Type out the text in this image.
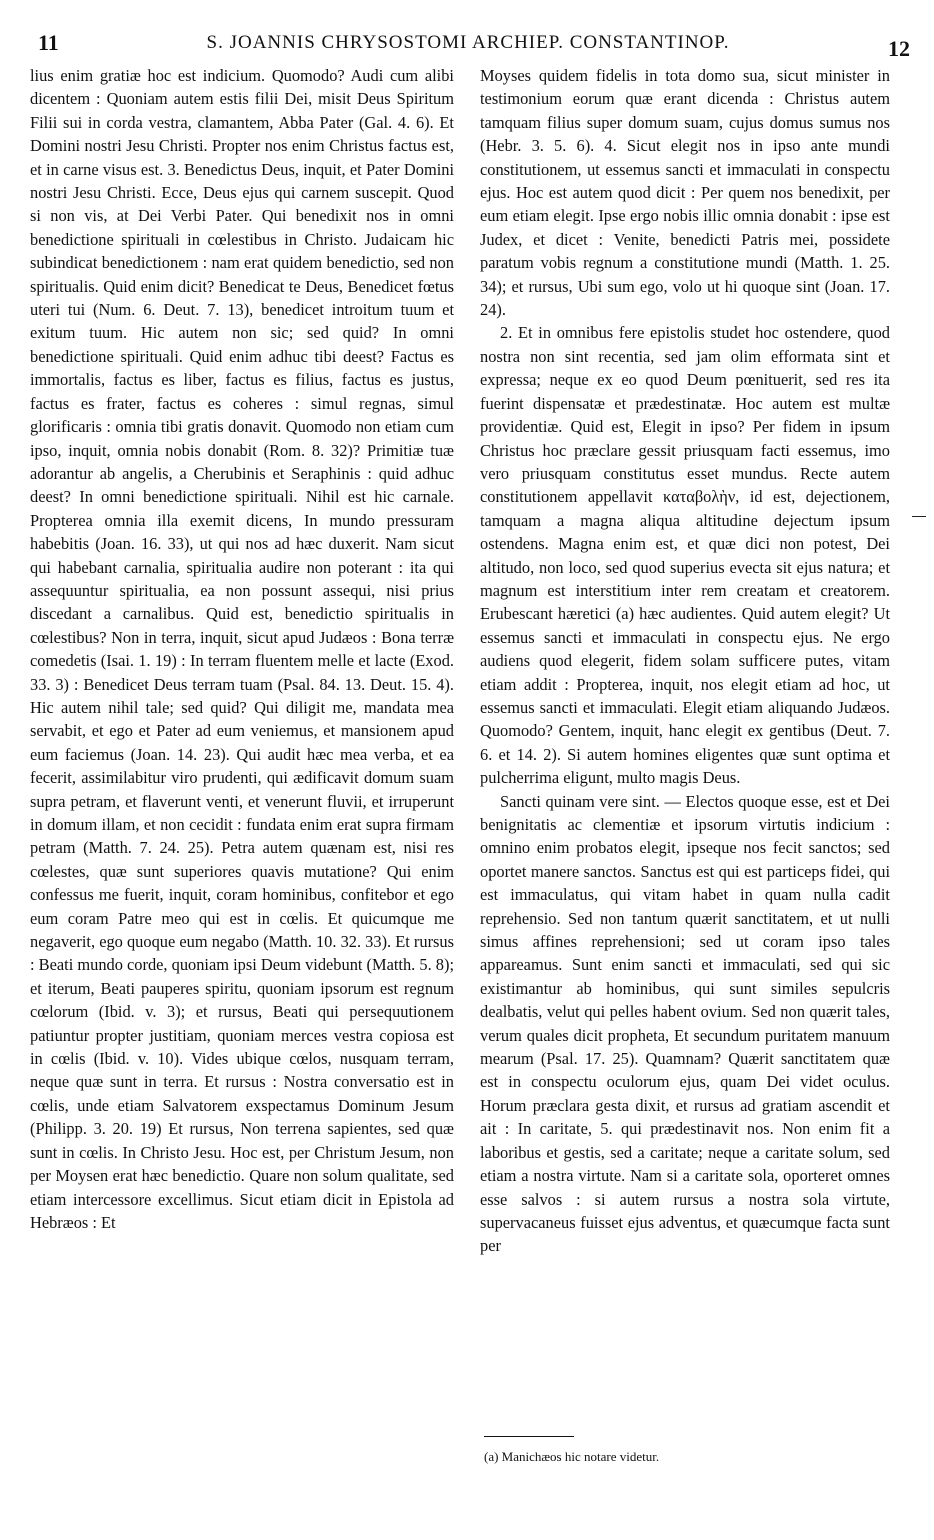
11	S. JOANNIS CHRYSOSTOMI ARCHIEP. CONSTANTINOP.	12

lius enim gratiæ hoc est indicium. Quomodo? Audi cum alibi dicentem : Quoniam autem estis filii Dei, misit Deus Spiritum Filii sui in corda vestra, clamantem, Abba Pater (Gal. 4. 6). Et Domini nostri Jesu Christi. Propter nos enim Christus factus est, et in carne visus est. 3. Benedictus Deus, inquit, et Pater Domini nostri Jesu Christi. Ecce, Deus ejus qui carnem suscepit. Quod si non vis, at Dei Verbi Pater. Qui benedixit nos in omni benedictione spirituali in cœlestibus in Christo. Judaicam hic subindicat benedictionem : nam erat quidem benedictio, sed non spiritualis. Quid enim dicit? Benedicat te Deus, Benedicet fœtus uteri tui (Num. 6. Deut. 7. 13), benedicet introitum tuum et exitum tuum. Hic autem non sic; sed quid? In omni benedictione spirituali. Quid enim adhuc tibi deest? Factus es immortalis, factus es liber, factus es filius, factus es justus, factus es frater, factus es coheres : simul regnas, simul glorificaris : omnia tibi gratis donavit. Quomodo non etiam cum ipso, inquit, omnia nobis donabit (Rom. 8. 32)? Primitiæ tuæ adorantur ab angelis, a Cherubinis et Seraphinis : quid adhuc deest? In omni benedictione spirituali. Nihil est hic carnale. Propterea omnia illa exemit dicens, In mundo pressuram habebitis (Joan. 16. 33), ut qui nos ad hæc duxerit. Nam sicut qui habebant carnalia, spiritualia audire non poterant : ita qui assequuntur spiritualia, ea non possunt assequi, nisi prius discedant a carnalibus. Quid est, benedictio spiritualis in cœlestibus? Non in terra, inquit, sicut apud Judæos : Bona terræ comedetis (Isai. 1. 19) : In terram fluentem melle et lacte (Exod. 33. 3) : Benedicet Deus terram tuam (Psal. 84. 13. Deut. 15. 4). Hic autem nihil tale; sed quid? Qui diligit me, mandata mea servabit, et ego et Pater ad eum veniemus, et mansionem apud eum faciemus (Joan. 14. 23). Qui audit hæc mea verba, et ea fecerit, assimilabitur viro prudenti, qui ædificavit domum suam supra petram, et flaverunt venti, et venerunt fluvii, et irruperunt in domum illam, et non cecidit : fundata enim erat supra firmam petram (Matth. 7. 24. 25). Petra autem quænam est, nisi res cœlestes, quæ sunt superiores quavis mutatione? Qui enim confessus me fuerit, inquit, coram hominibus, confitebor et ego eum coram Patre meo qui est in cœlis. Et quicumque me negaverit, ego quoque eum negabo (Matth. 10. 32. 33). Et rursus : Beati mundo corde, quoniam ipsi Deum videbunt (Matth. 5. 8); et iterum, Beati pauperes spiritu, quoniam ipsorum est regnum cœlorum (Ibid. v. 3); et rursus, Beati qui persequutionem patiuntur propter justitiam, quoniam merces vestra copiosa est in cœlis (Ibid. v. 10). Vides ubique cœlos, nusquam terram, neque quæ sunt in terra. Et rursus : Nostra conversatio est in cœlis, unde etiam Salvatorem exspectamus Dominum Jesum (Philipp. 3. 20. 19) Et rursus, Non terrena sapientes, sed quæ sunt in cœlis. In Christo Jesu. Hoc est, per Christum Jesum, non per Moysen erat hæc benedictio. Quare non solum qualitate, sed etiam intercessore excellimus. Sicut etiam dicit in Epistola ad Hebræos : Et

Moyses quidem fidelis in tota domo sua, sicut minister in testimonium eorum quæ erant dicenda : Christus autem tamquam filius super domum suam, cujus domus sumus nos (Hebr. 3. 5. 6). 4. Sicut elegit nos in ipso ante mundi constitutionem, ut essemus sancti et immaculati in conspectu ejus. Hoc est autem quod dicit : Per quem nos benedixit, per eum etiam elegit. Ipse ergo nobis illic omnia donabit : ipse est Judex, et dicet : Venite, benedicti Patris mei, possidete paratum vobis regnum a constitutione mundi (Matth. 1. 25. 34); et rursus, Ubi sum ego, volo ut hi quoque sint (Joan. 17. 24).

2. Et in omnibus fere epistolis studet hoc ostendere, quod nostra non sint recentia, sed jam olim efformata sint et expressa; neque ex eo quod Deum pœnituerit, sed res ita fuerint dispensatæ et prædestinatæ. Hoc autem est multæ providentiæ. Quid est, Elegit in ipso? Per fidem in ipsum Christus hoc præclare gessit priusquam facti essemus, imo vero priusquam constitutus esset mundus. Recte autem constitutionem appellavit καταβολὴν, id est, dejectionem, tamquam a magna aliqua altitudine dejectum ipsum ostendens. Magna enim est, et quæ dici non potest, Dei altitudo, non loco, sed quod superius evecta sit ejus natura; et magnum est interstitium inter rem creatam et creatorem. Erubescant hæretici (a) hæc audientes. Quid autem elegit? Ut essemus sancti et immaculati in conspectu ejus. Ne ergo audiens quod elegerit, fidem solam sufficere putes, vitam etiam addit : Propterea, inquit, nos elegit etiam ad hoc, ut essemus sancti et immaculati. Elegit etiam aliquando Judæos. Quomodo? Gentem, inquit, hanc elegit ex gentibus (Deut. 7. 6. et 14. 2). Si autem homines eligentes quæ sunt optima et pulcherrima eligunt, multo magis Deus.

Sancti quinam vere sint. — Electos quoque esse, est et Dei benignitatis ac clementiæ et ipsorum virtutis indicium : omnino enim probatos elegit, ipseque nos fecit sanctos; sed oportet manere sanctos. Sanctus est qui est particeps fidei, qui est immaculatus, qui vitam habet in quam nulla cadit reprehensio. Sed non tantum quærit sanctitatem, et ut nulli simus affines reprehensioni; sed ut coram ipso tales appareamus. Sunt enim sancti et immaculati, sed qui sic existimantur ab hominibus, qui sunt similes sepulcris dealbatis, velut qui pelles habent ovium. Sed non quærit tales, verum quales dicit propheta, Et secundum puritatem manuum mearum (Psal. 17. 25). Quamnam? Quærit sanctitatem quæ est in conspectu oculorum ejus, quam Dei videt oculus. Horum præclara gesta dixit, et rursus ad gratiam ascendit et ait : In caritate, 5. qui prædestinavit nos. Non enim fit a laboribus et gestis, sed a caritate; neque a caritate solum, sed etiam a nostra virtute. Nam si a caritate sola, oporteret omnes esse salvos : si autem rursus a nostra sola virtute, supervacaneus fuisset ejus adventus, et quæcumque facta sunt per

(a) Manichæos hic notare videtur.
